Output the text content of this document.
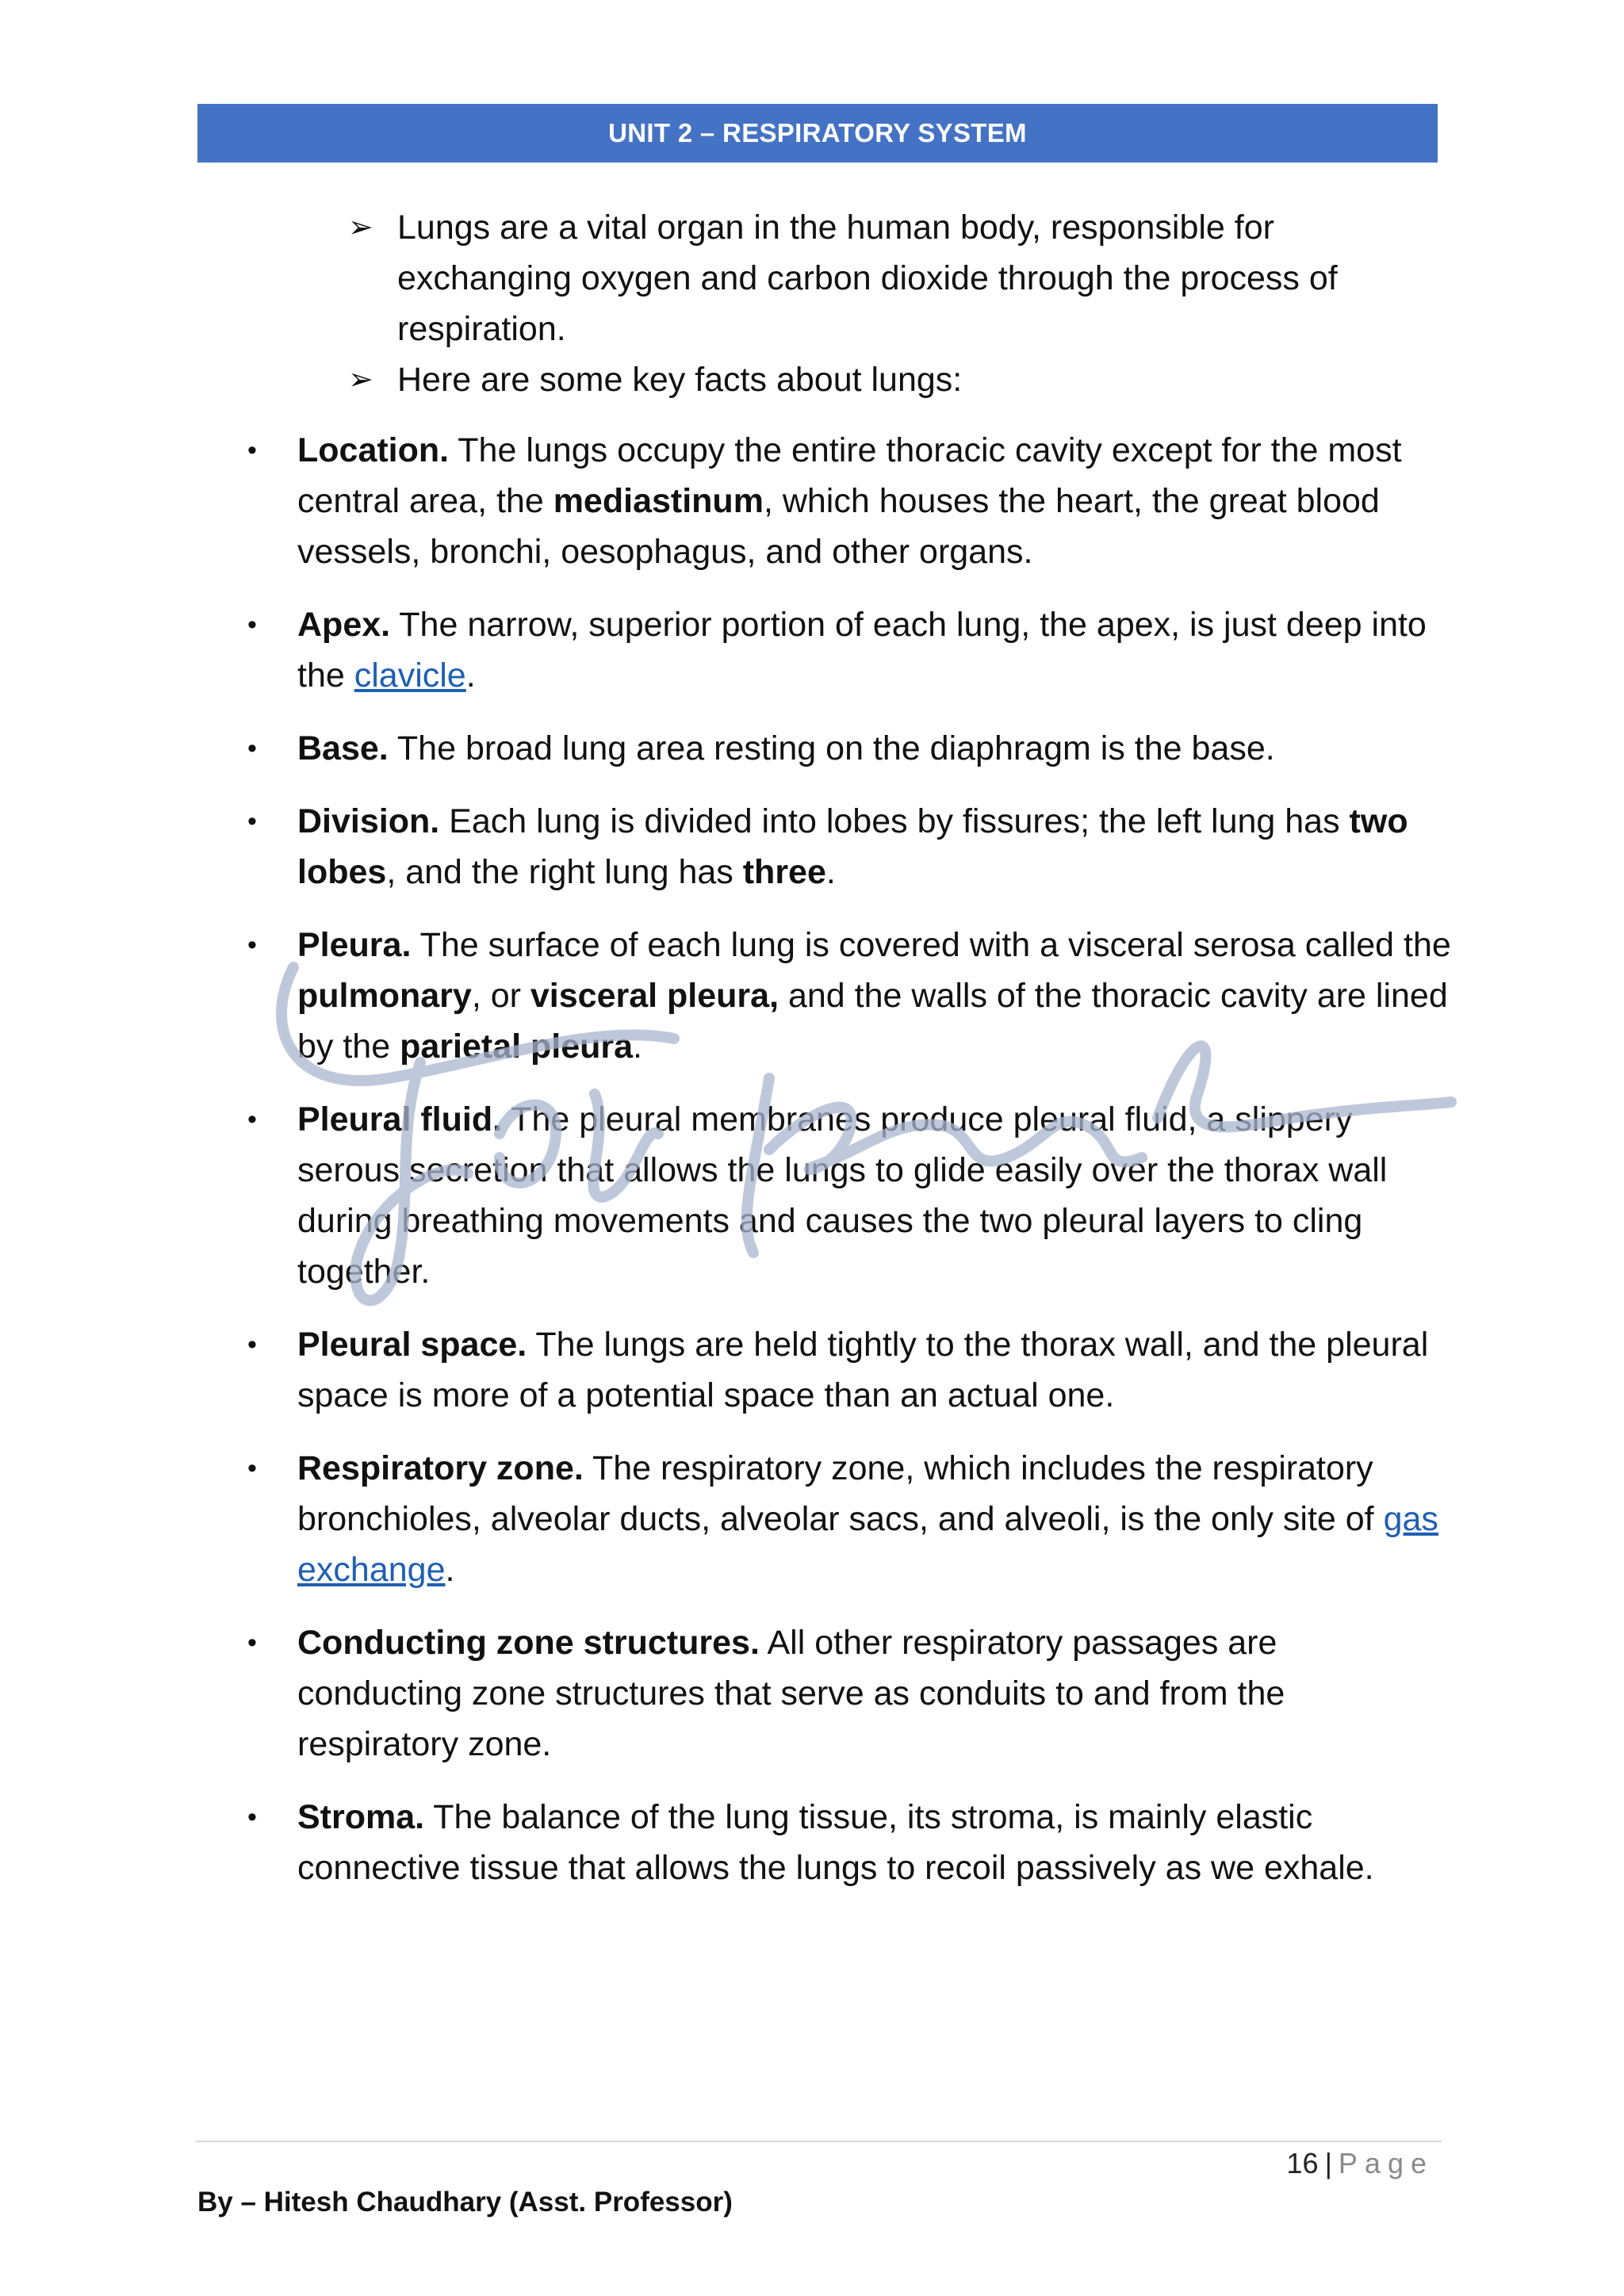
UNIT 2 – RESPIRATORY SYSTEM
➢ Lungs are a vital organ in the human body, responsible for exchanging oxygen and carbon dioxide through the process of respiration.
➢ Here are some key facts about lungs:
•	Location. The lungs occupy the entire thoracic cavity except for the most central area, the mediastinum, which houses the heart, the great blood vessels, bronchi, oesophagus, and other organs.
•	Apex. The narrow, superior portion of each lung, the apex, is just deep into the clavicle.
•	Base. The broad lung area resting on the diaphragm is the base.
•	Division. Each lung is divided into lobes by fissures; the left lung has two lobes, and the right lung has three.
•	Pleura. The surface of each lung is covered with a visceral serosa called the pulmonary, or visceral pleura, and the walls of the thoracic cavity are lined by the parietal pleura.
•	Pleural fluid. The pleural membranes produce pleural fluid, a slippery serous secretion that allows the lungs to glide easily over the thorax wall during breathing movements and causes the two pleural layers to cling together.
•	Pleural space. The lungs are held tightly to the thorax wall, and the pleural space is more of a potential space than an actual one.
•	Respiratory zone. The respiratory zone, which includes the respiratory bronchioles, alveolar ducts, alveolar sacs, and alveoli, is the only site of gas exchange.
•	Conducting zone structures. All other respiratory passages are conducting zone structures that serve as conduits to and from the respiratory zone.
•	Stroma. The balance of the lung tissue, its stroma, is mainly elastic connective tissue that allows the lungs to recoil passively as we exhale.
16 | Page
By – Hitesh Chaudhary (Asst. Professor)
